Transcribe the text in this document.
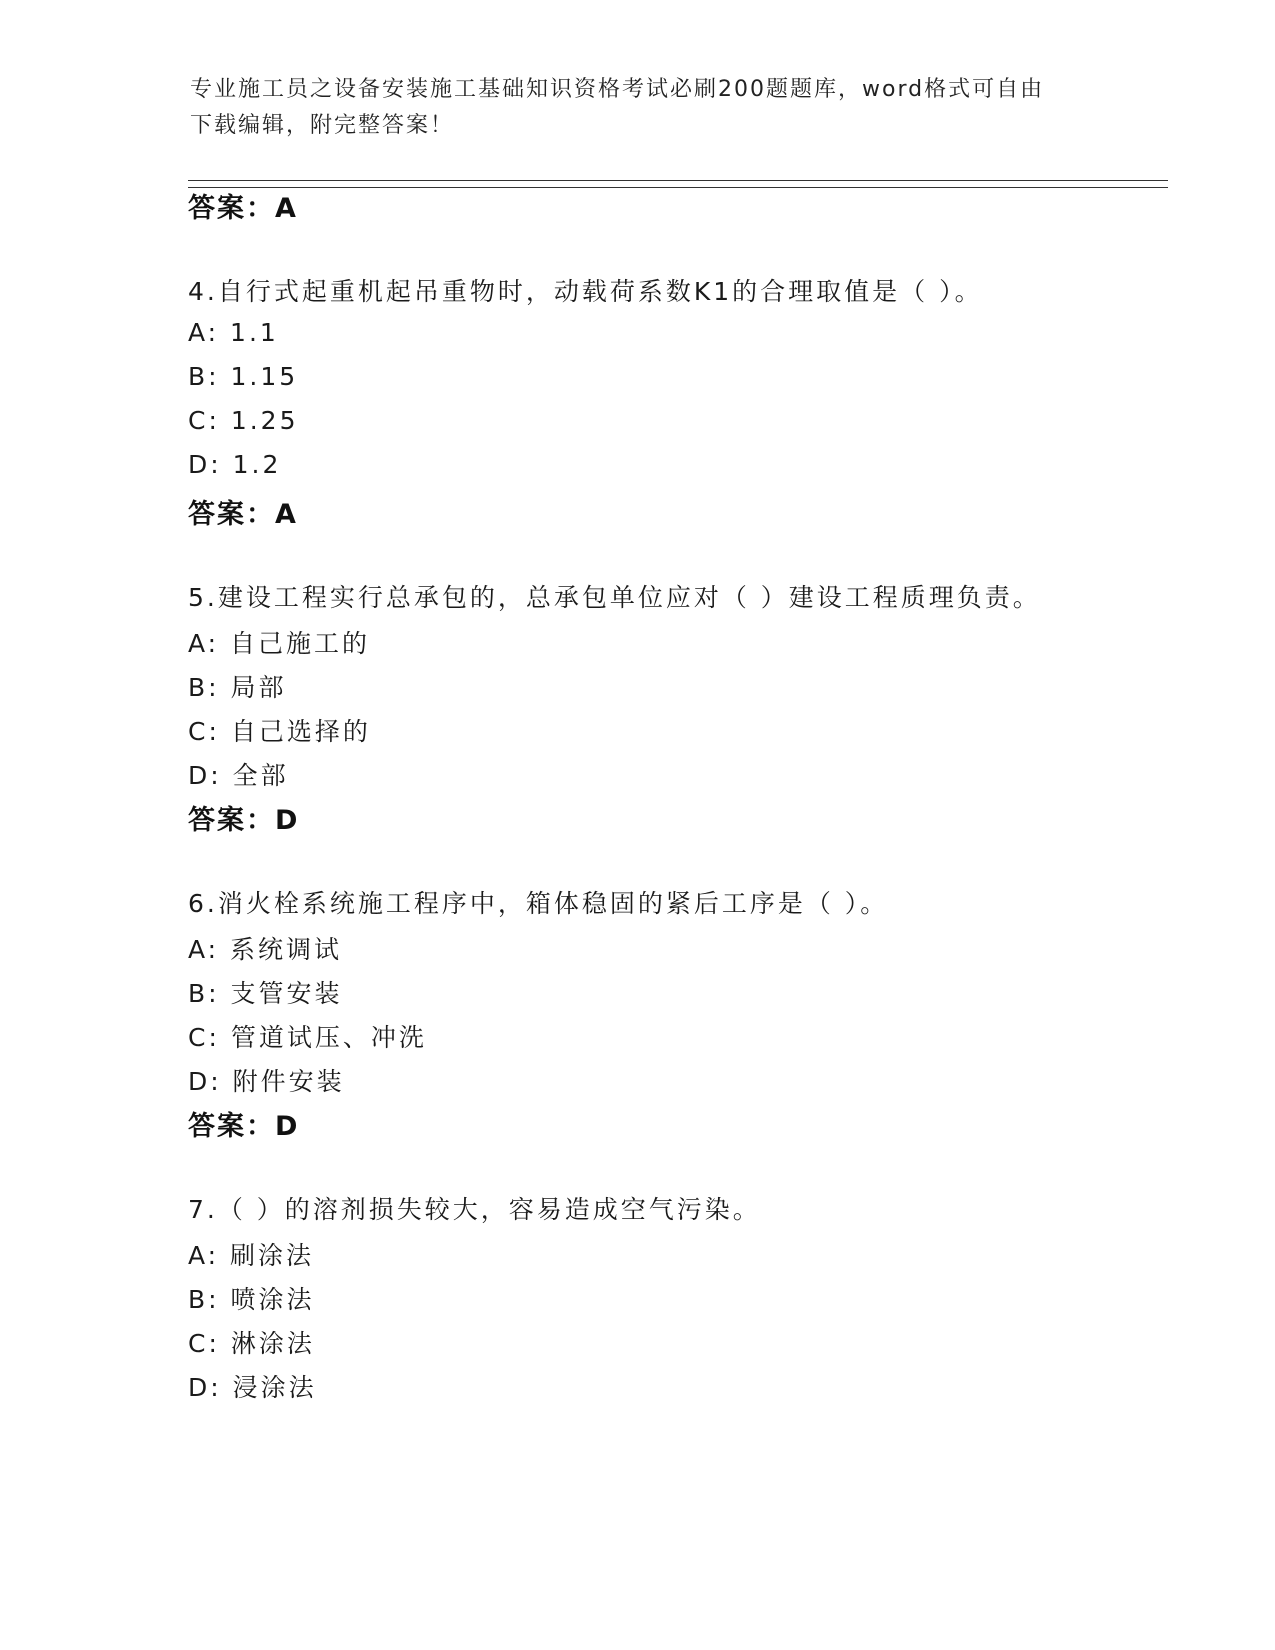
专业施工员之设备安装施工基础知识资格考试必刷200题题库，word格式可自由
下载编辑，附完整答案！
答案：A
4.自行式起重机起吊重物时，动载荷系数K1的合理取值是（ ）。
A: 1.1
B: 1.15
C: 1.25
D: 1.2
答案：A
5.建设工程实行总承包的，总承包单位应对（ ）建设工程质理负责。
A: 自己施工的
B: 局部
C: 自己选择的
D: 全部
答案：D
6.消火栓系统施工程序中，箱体稳固的紧后工序是（ ）。
A: 系统调试
B: 支管安装
C: 管道试压、冲洗
D: 附件安装
答案：D
7.（ ）的溶剂损失较大，容易造成空气污染。
A: 刷涂法
B: 喷涂法
C: 淋涂法
D: 浸涂法
